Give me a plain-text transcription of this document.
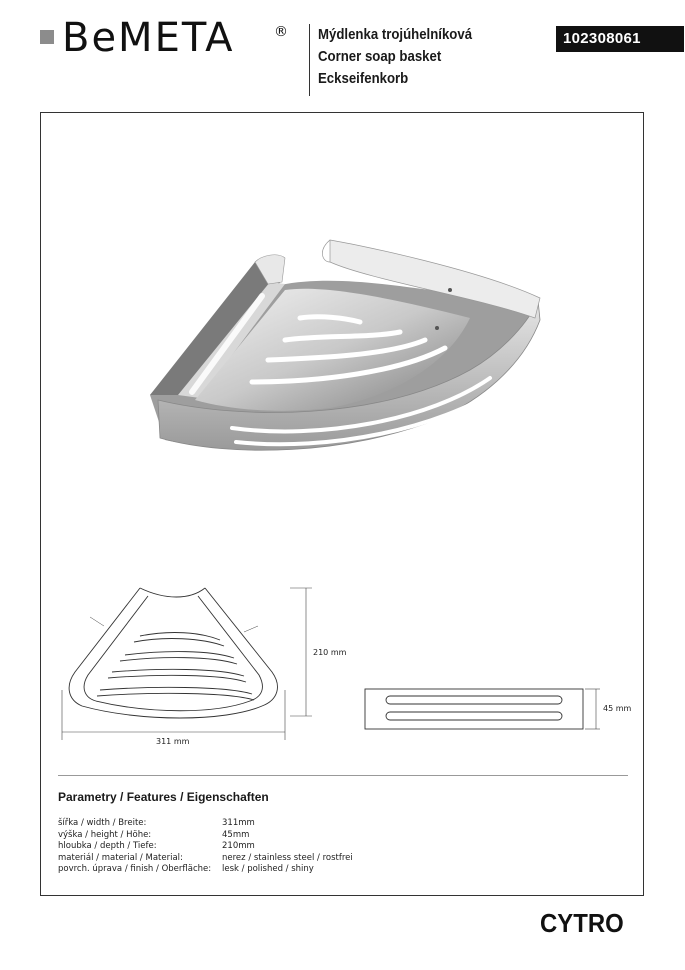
BeMETA	® Mýdlenka trojúhelníková
Corner soap basket
Eckseifenkorb
102308061
311 mm
210 mm
45 mm
Parametry / Features / Eigenschaften
šířka / width / Breite:	311mm
výška / height / Höhe:	45mm
hloubka / depth / Tiefe:	210mm
materiál / material / Material:	nerez / stainless steel / rostfrei
povrch. úprava / finish / Oberfläche: lesk / polished / shiny
CYTRO
